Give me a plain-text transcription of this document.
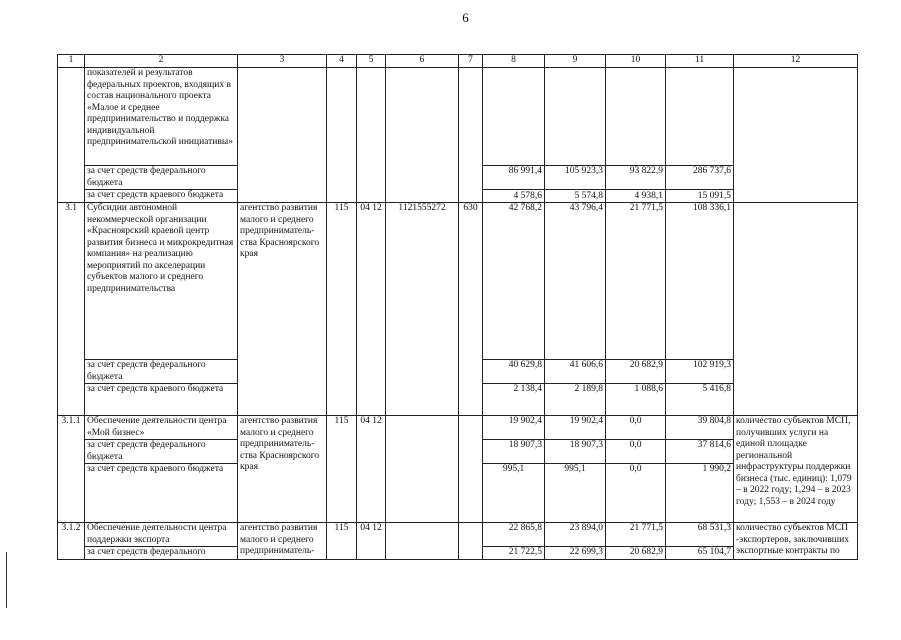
6
1	2	3	4	5	6	7	8	9	10	11	12
	показателей и результатов федеральных проектов, входящих в состав национального проекта «Малое и среднее предпринимательство и поддержка индивидуальной предпринимательской инициативы»										
	за счет средств федерального бюджета						86 991,4	105 923,3	93 822,9	286 737,6	
	за счет средств краевого бюджета						4 578,6	5 574,8	4 938,1	15 091,5	
3.1	Субсидии автономной некоммерческой организации «Красноярский краевой центр развития бизнеса и микрокредитная компания» на реализацию мероприятий по акселерации субъектов малого и среднего предпринимательства	агентство развития малого и среднего предприниматель-ства Красноярского края	115	04 12	1121555272	630	42 768,2	43 796,4	21 771,5	108 336,1	
	за счет средств федерального бюджета						40 629,8	41 606,6	20 682,9	102 919,3	
	за счет средств краевого бюджета						2 138,4	2 189,8	1 088,6	5 416,8	
3.1.1	Обеспечение деятельности центра «Мой бизнес»	агентство развития малого и среднего предприниматель-ства Красноярского края	115	04 12			19 902,4	19 902,4	0,0	39 804,8	количество субъектов МСП, получивших услуги на единой площадке региональной инфраструктуры поддержки бизнеса (тыс. единиц): 1,079 – в 2022 году; 1,294 – в 2023 году; 1,553 – в 2024 году
	за счет средств федерального бюджета						18 907,3	18 907,3	0,0	37 814,6	
	за счет средств краевого бюджета						995,1	995,1	0,0	1 990,2	
3.1.2	Обеспечение деятельности центра поддержки экспорта	агентство развития малого и среднего предприниматель-	115	04 12			22 865,8	23 894,0	21 771,5	68 531,3	количество субъектов МСП -экспортеров, заключивших экспортные контракты по
	за счет средств федерального						21 722,5	22 699,3	20 682,9	65 104,7	
